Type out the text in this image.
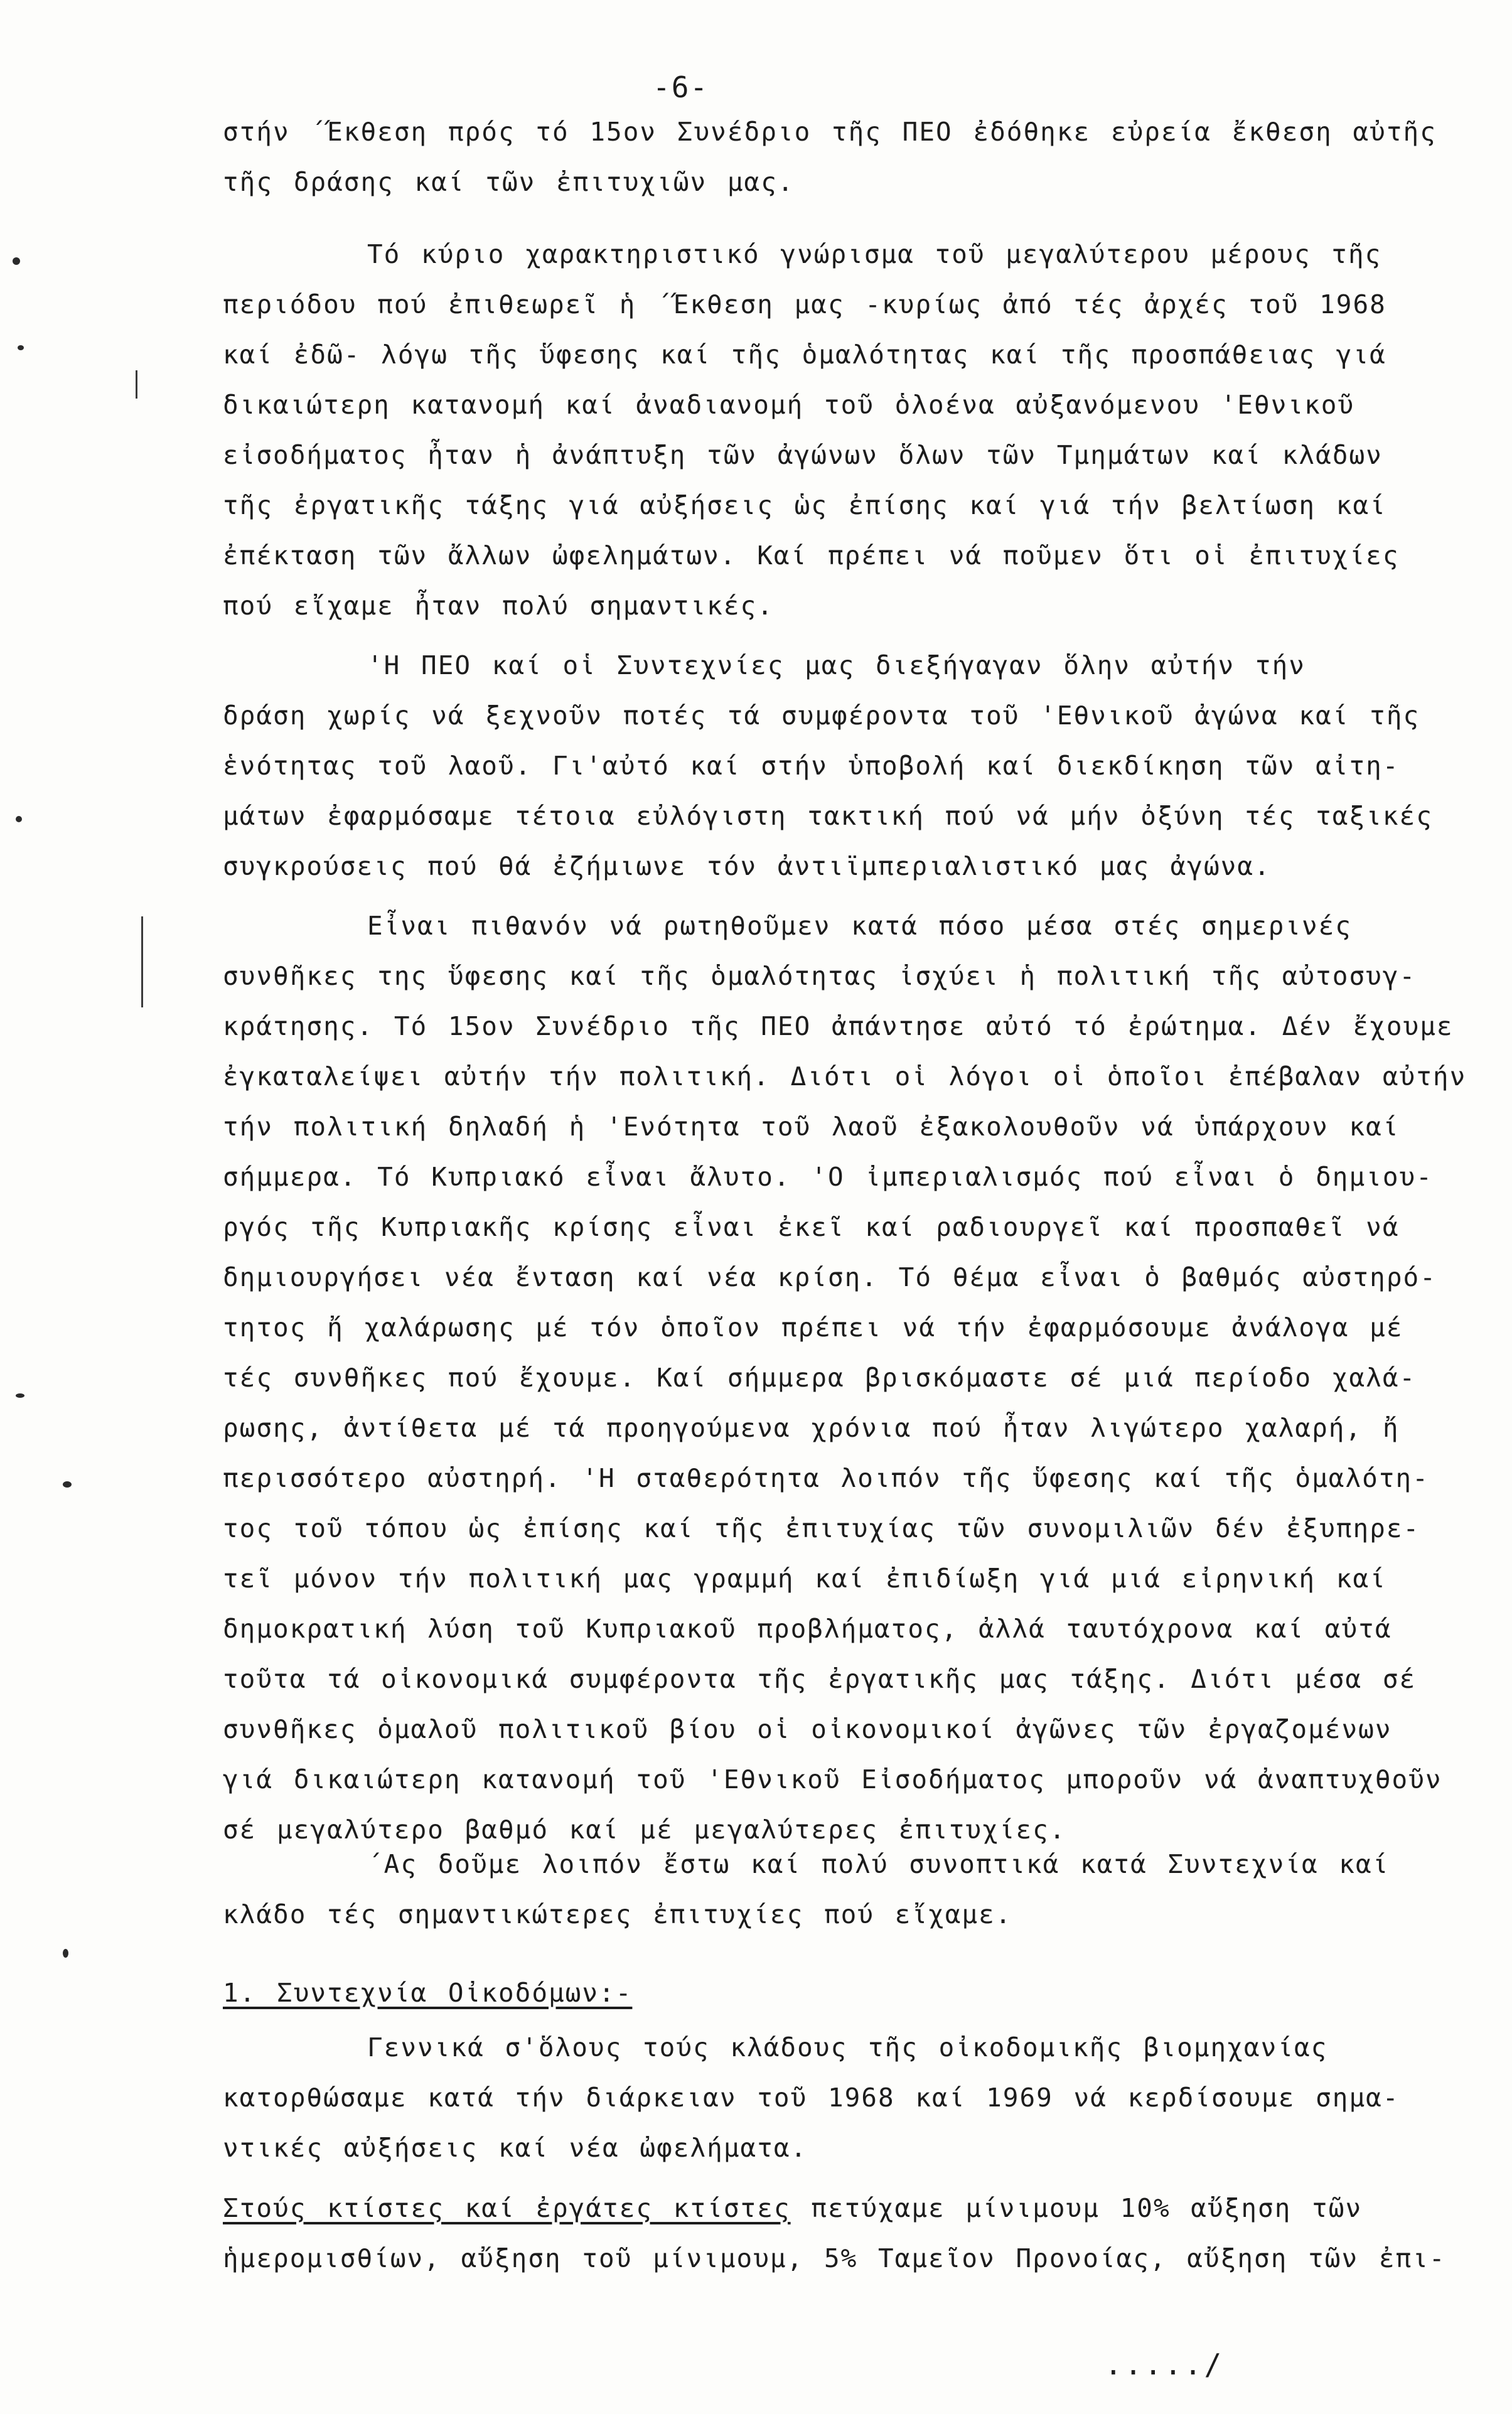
-6-
στήν ΄Έκθεση πρός τό 15ον Συνέδριο τῆς ΠΕΟ ἐδόθηκε εὐρεία ἔκθεση αὐτῆς
τῆς δράσης καί τῶν ἐπιτυχιῶν μας.
Τό κύριο χαρακτηριστικό γνώρισμα τοῦ μεγαλύτερου μέρους τῆς
περιόδου πού ἐπιθεωρεῖ ἡ ΄Έκθεση μας -κυρίως ἀπό τές ἀρχές τοῦ 1968
καί ἐδῶ- λόγω τῆς ὕφεσης καί τῆς ὁμαλότητας καί τῆς προσπάθειας γιά
δικαιώτερη κατανομή καί ἀναδιανομή τοῦ ὁλοένα αὐξανόμενου 'Εθνικοῦ
εἰσοδήματος ἦταν ἡ ἀνάπτυξη τῶν ἀγώνων ὅλων τῶν Τμημάτων καί κλάδων
τῆς ἐργατικῆς τάξης γιά αὐξήσεις ὡς ἐπίσης καί γιά τήν βελτίωση καί
ἐπέκταση τῶν ἄλλων ὠφελημάτων. Καί πρέπει νά ποῦμεν ὅτι οἱ ἐπιτυχίες
πού εἴχαμε ἦταν πολύ σημαντικές.
'Η ΠΕΟ καί οἱ Συντεχνίες μας διεξήγαγαν ὅλην αὐτήν τήν
δράση χωρίς νά ξεχνοῦν ποτές τά συμφέροντα τοῦ 'Εθνικοῦ ἀγώνα καί τῆς
ἑνότητας τοῦ λαοῦ. Γι'αὐτό καί στήν ὑποβολή καί διεκδίκηση τῶν αἰτη-
μάτων ἐφαρμόσαμε τέτοια εὐλόγιστη τακτική πού νά μήν ὀξύνη τές ταξικές
συγκρούσεις πού θά ἐζήμιωνε τόν ἀντιϊμπεριαλιστικό μας ἀγώνα.
Εἶναι πιθανόν νά ρωτηθοῦμεν κατά πόσο μέσα στές σημερινές
συνθῆκες της ὕφεσης καί τῆς ὁμαλότητας ἰσχύει ἡ πολιτική τῆς αὐτοσυγ-
κράτησης. Τό 15ον Συνέδριο τῆς ΠΕΟ ἀπάντησε αὐτό τό ἐρώτημα. Δέν ἔχουμε
ἐγκαταλείψει αὐτήν τήν πολιτική. Διότι οἱ λόγοι οἱ ὁποῖοι ἐπέβαλαν αὐτήν
τήν πολιτική δηλαδή ἡ 'Ενότητα τοῦ λαοῦ ἐξακολουθοῦν νά ὑπάρχουν καί
σήμμερα. Τό Κυπριακό εἶναι ἄλυτο. 'Ο ἰμπεριαλισμός πού εἶναι ὁ δημιου-
ργός τῆς Κυπριακῆς κρίσης εἶναι ἐκεῖ καί ραδιουργεῖ καί προσπαθεῖ νά
δημιουργήσει νέα ἔνταση καί νέα κρίση. Τό θέμα εἶναι ὁ βαθμός αὐστηρό-
τητος ἤ χαλάρωσης μέ τόν ὁποῖον πρέπει νά τήν ἐφαρμόσουμε ἀνάλογα μέ
τές συνθῆκες πού ἔχουμε. Καί σήμμερα βρισκόμαστε σέ μιά περίοδο χαλά-
ρωσης, ἀντίθετα μέ τά προηγούμενα χρόνια πού ἦταν λιγώτερο χαλαρή, ἤ
περισσότερο αὐστηρή. 'Η σταθερότητα λοιπόν τῆς ὕφεσης καί τῆς ὁμαλότη-
τος τοῦ τόπου ὡς ἐπίσης καί τῆς ἐπιτυχίας τῶν συνομιλιῶν δέν ἐξυπηρε-
τεῖ μόνον τήν πολιτική μας γραμμή καί ἐπιδίωξη γιά μιά εἰρηνική καί
δημοκρατική λύση τοῦ Κυπριακοῦ προβλήματος, ἀλλά ταυτόχρονα καί αὐτά
τοῦτα τά οἰκονομικά συμφέροντα τῆς ἐργατικῆς μας τάξης. Διότι μέσα σέ
συνθῆκες ὁμαλοῦ πολιτικοῦ βίου οἱ οἰκονομικοί ἀγῶνες τῶν ἐργαζομένων
γιά δικαιώτερη κατανομή τοῦ 'Εθνικοῦ Εἰσοδήματος μποροῦν νά ἀναπτυχθοῦν
σέ μεγαλύτερο βαθμό καί μέ μεγαλύτερες ἐπιτυχίες.
΄Ας δοῦμε λοιπόν ἔστω καί πολύ συνοπτικά κατά Συντεχνία καί
κλάδο τές σημαντικώτερες ἐπιτυχίες πού εἴχαμε.
1. Συντεχνία Οἰκοδόμων:-
Γεννικά σ'ὅλους τούς κλάδους τῆς οἰκοδομικῆς βιομηχανίας
κατορθώσαμε κατά τήν διάρκειαν τοῦ 1968 καί 1969 νά κερδίσουμε σημα-
ντικές αὐξήσεις καί νέα ὠφελήματα.
Στούς κτίστες καί ἐργάτες κτίστες πετύχαμε μίνιμουμ 10% αὔξηση τῶν
ἡμερομισθίων, αὔξηση τοῦ μίνιμουμ, 5% Ταμεῖον Προνοίας, αὔξηση τῶν ἐπι-
...../
